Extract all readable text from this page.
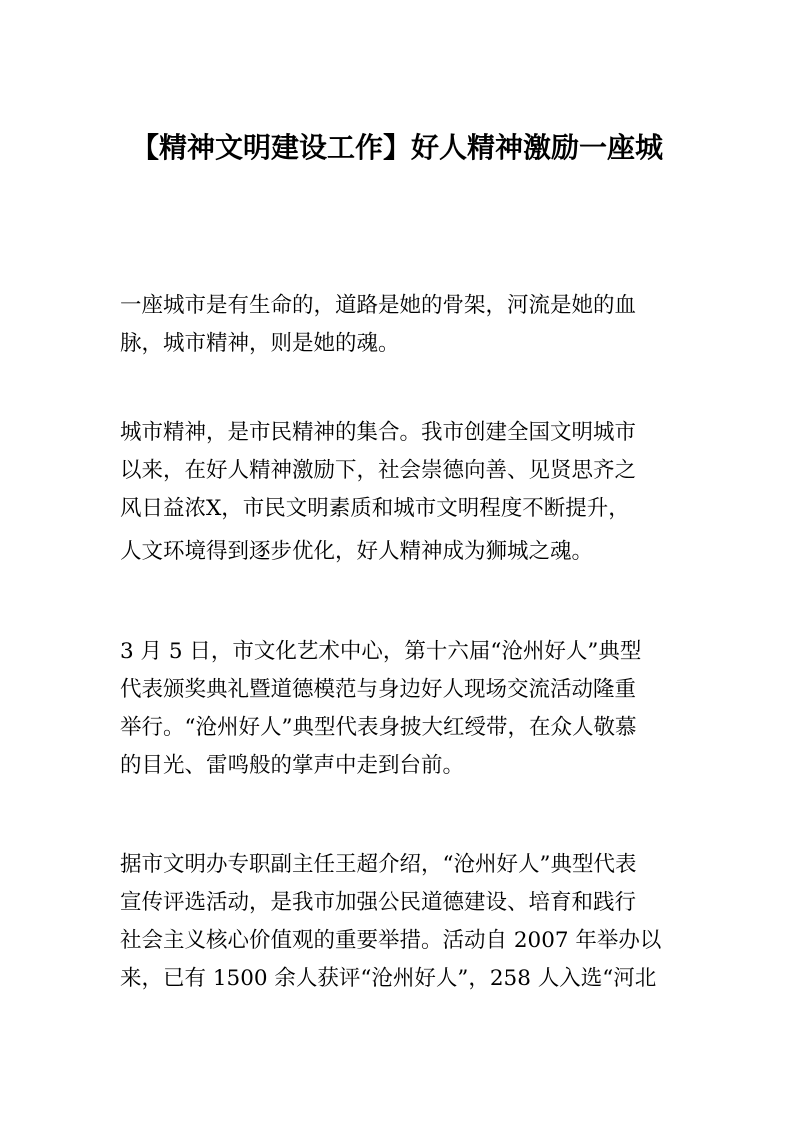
【精神文明建设工作】好人精神激励一座城
一座城市是有生命的，道路是她的骨架，河流是她的血
脉，城市精神，则是她的魂。
城市精神，是市民精神的集合。我市创建全国文明城市
以来，在好人精神激励下，社会崇德向善、见贤思齐之
风日益浓X，市民文明素质和城市文明程度不断提升，
人文环境得到逐步优化，好人精神成为狮城之魂。
3 月 5 日，市文化艺术中心，第十六届“沧州好人”典型
代表颁奖典礼暨道德模范与身边好人现场交流活动隆重
举行。“沧州好人”典型代表身披大红绶带，在众人敬慕
的目光、雷鸣般的掌声中走到台前。
据市文明办专职副主任王超介绍，“沧州好人”典型代表
宣传评选活动，是我市加强公民道德建设、培育和践行
社会主义核心价值观的重要举措。活动自 2007 年举办以
来，已有 1500 余人获评“沧州好人”，258 人入选“河北
